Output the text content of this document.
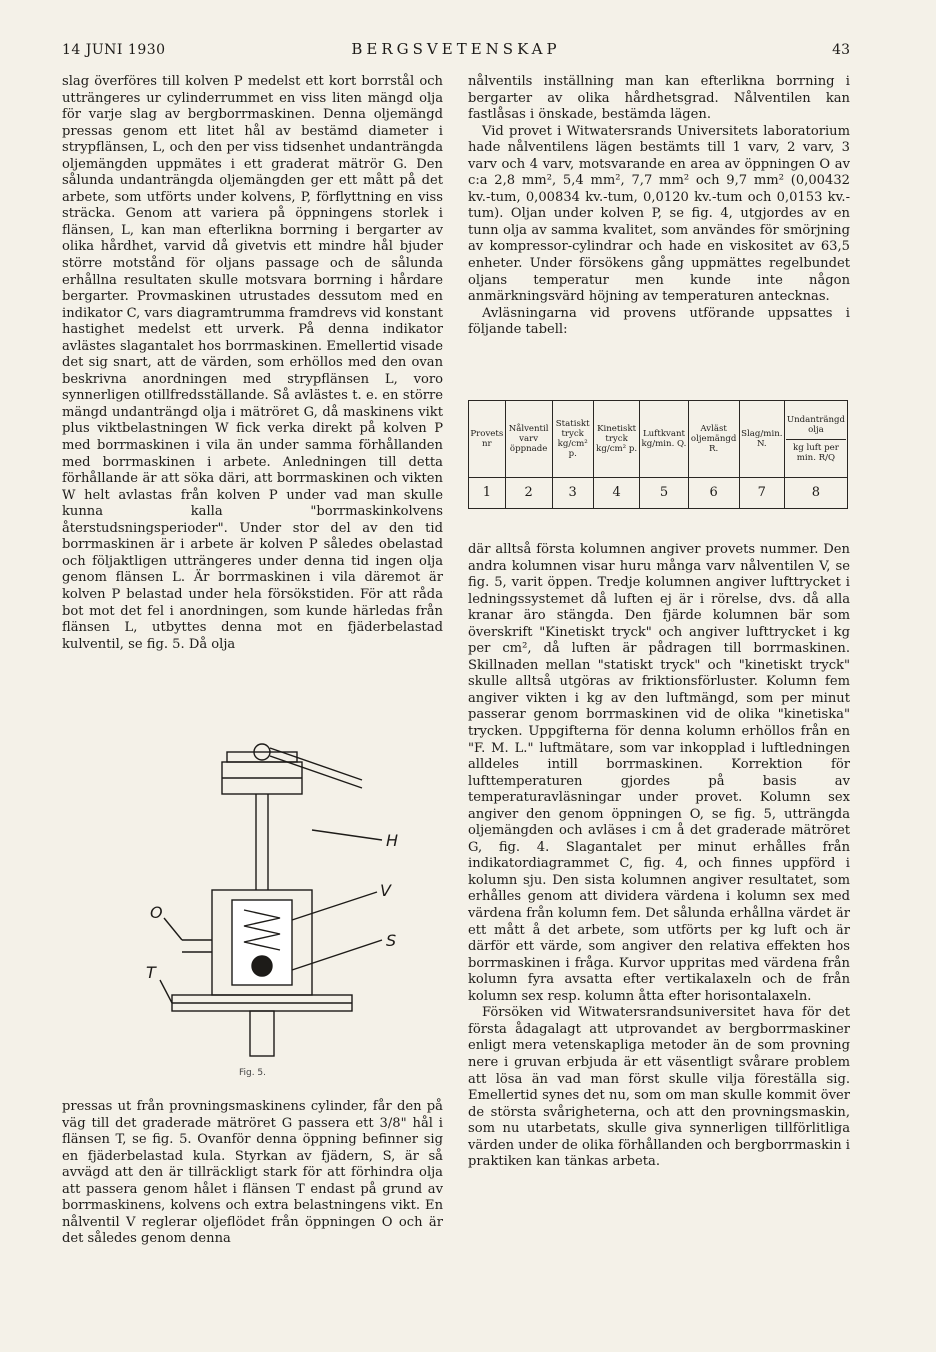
14 JUNI 1930	BERGSVETENSKAP	43

slag överföres till kolven P medelst ett kort borrstål och utträngeres ur cylinderrummet en viss liten mängd olja för varje slag av bergborrmaskinen. Denna oljemängd pressas genom ett litet hål av bestämd diameter i strypflänsen, L, och den per viss tidsenhet undanträngda oljemängden uppmätes i ett graderat mätrör G. Den sålunda undanträngda oljemängden ger ett mått på det arbete, som utförts under kolvens, P, förflyttning en viss sträcka. Genom att variera på öppningens storlek i flänsen, L, kan man efterlikna borrning i bergarter av olika hårdhet, varvid då givetvis ett mindre hål bjuder större motstånd för oljans passage och de sålunda erhållna resultaten skulle motsvara borrning i hårdare bergarter. Provmaskinen utrustades dessutom med en indikator C, vars diagramtrumma framdrevs vid konstant hastighet medelst ett urverk. På denna indikator avlästes slagantalet hos borrmaskinen. Emellertid visade det sig snart, att de värden, som erhöllos med den ovan beskrivna anordningen med strypflänsen L, voro synnerligen otillfredsställande. Så avlästes t. e. en större mängd undanträngd olja i mätröret G, då maskinens vikt plus viktbelastningen W fick verka direkt på kolven P med borrmaskinen i vila än under samma förhållanden med borrmaskinen i arbete. Anledningen till detta förhållande är att söka däri, att borrmaskinen och vikten W helt avlastas från kolven P under vad man skulle kunna kalla "borrmaskinkolvens återstudsningsperioder". Under stor del av den tid borrmaskinen är i arbete är kolven P således obelastad och följaktligen utträngeres under denna tid ingen olja genom flänsen L. Är borrmaskinen i vila däremot är kolven P belastad under hela försökstiden. För att råda bot mot det fel i anordningen, som kunde härledas från flänsen L, utbyttes denna mot en fjäderbelastad kulventil, se fig. 5. Då olja

H
V
S
O
T
Fig. 5.

pressas ut från provningsmaskinens cylinder, får den på väg till det graderade mätröret G passera ett 3/8" hål i flänsen T, se fig. 5. Ovanför denna öppning befinner sig en fjäderbelastad kula. Styrkan av fjädern, S, är så avvägd att den är tillräckligt stark för att förhindra olja att passera genom hålet i flänsen T endast på grund av borrmaskinens, kolvens och extra belastningens vikt. En nålventil V reglerar oljeflödet från öppningen O och är det således genom denna

nålventils inställning man kan efterlikna borrning i bergarter av olika hårdhetsgrad. Nålventilen kan fastlåsas i önskade, bestämda lägen.

Vid provet i Witwatersrands Universitets laboratorium hade nålventilens lägen bestämts till 1 varv, 2 varv, 3 varv och 4 varv, motsvarande en area av öppningen O av c:a 2,8 mm², 5,4 mm², 7,7 mm² och 9,7 mm² (0,00432 kv.-tum, 0,00834 kv.-tum, 0,0120 kv.-tum och 0,0153 kv.-tum). Oljan under kolven P, se fig. 4, utgjordes av en tunn olja av samma kvalitet, som användes för smörjning av kompressor-cylindrar och hade en viskositet av 63,5 enheter. Under försökens gång uppmättes regelbundet oljans temperatur men kunde inte någon anmärkningsvärd höjning av temperaturen antecknas.

Avläsningarna vid provens utförande uppsattes i följande tabell:

Provets nr	Nålventil varv öppnade	Statiskt tryck kg/cm² p.	Kinetiskt tryck kg/cm² p.	Luftkvant kg/min. Q.	Avläst oljemängd R.	Slag/min. N.	Undanträngd olja
kg luft per min. R/Q

1	2	3	4	5	6	7	8

där alltså första kolumnen angiver provets nummer. Den andra kolumnen visar huru många varv nålventilen V, se fig. 5, varit öppen. Tredje kolumnen angiver lufttrycket i ledningssystemet då luften ej är i rörelse, dvs. då alla kranar äro stängda. Den fjärde kolumnen bär som överskrift "Kinetiskt tryck" och angiver lufttrycket i kg per cm², då luften är pådragen till borrmaskinen. Skillnaden mellan "statiskt tryck" och "kinetiskt tryck" skulle alltså utgöras av friktionsförluster. Kolumn fem angiver vikten i kg av den luftmängd, som per minut passerar genom borrmaskinen vid de olika "kinetiska" trycken. Uppgifterna för denna kolumn erhöllos från en "F. M. L." luftmätare, som var inkopplad i luftledningen alldeles intill borrmaskinen. Korrektion för lufttemperaturen gjordes på basis av temperaturavläsningar under provet. Kolumn sex angiver den genom öppningen O, se fig. 5, utträngda oljemängden och avläses i cm å det graderade mätröret G, fig. 4. Slagantalet per minut erhålles från indikatordiagrammet C, fig. 4, och finnes uppförd i kolumn sju. Den sista kolumnen angiver resultatet, som erhålles genom att dividera värdena i kolumn sex med värdena från kolumn fem. Det sålunda erhållna värdet är ett mått å det arbete, som utförts per kg luft och är därför ett värde, som angiver den relativa effekten hos borrmaskinen i fråga. Kurvor uppritas med värdena från kolumn fyra avsatta efter vertikalaxeln och de från kolumn sex resp. kolumn åtta efter horisontalaxeln.

Försöken vid Witwatersrandsuniversitet hava för det första ådagalagt att utprovandet av bergborrmaskiner enligt mera vetenskapliga metoder än de som provning nere i gruvan erbjuda är ett väsentligt svårare problem att lösa än vad man först skulle vilja föreställa sig. Emellertid synes det nu, som om man skulle kommit över de största svårigheterna, och att den provningsmaskin, som nu utarbetats, skulle giva synnerligen tillförlitliga värden under de olika förhållanden och bergborrmaskin i praktiken kan tänkas arbeta.
